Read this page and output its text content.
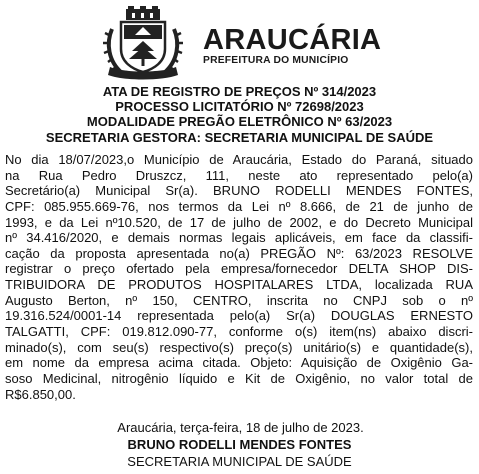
ARAUCÁRIA
PREFEITURA DO MUNICÍPIO
ATA DE REGISTRO DE PREÇOS Nº 314/2023
PROCESSO LICITATÓRIO Nº 72698/2023
MODALIDADE PREGÃO ELETRÔNICO Nº 63/2023
SECRETARIA GESTORA: SECRETARIA MUNICIPAL DE SAÚDE
No dia 18/07/2023,o Município de Araucária, Estado do Paraná, situado
na Rua Pedro Druszcz, 111, neste ato representado pelo(a)
Secretário(a) Municipal Sr(a). BRUNO RODELLI MENDES FONTES,
CPF: 085.955.669-76, nos termos da Lei nº 8.666, de 21 de junho de
1993, e da Lei nº10.520, de 17 de julho de 2002, e do Decreto Municipal
nº 34.416/2020, e demais normas legais aplicáveis, em face da classifi-
cação da proposta apresentada no(a) PREGÃO Nº: 63/2023 RESOLVE
registrar o preço ofertado pela empresa/fornecedor DELTA SHOP DIS-
TRIBUIDORA DE PRODUTOS HOSPITALARES LTDA, localizada RUA
Augusto Berton, nº 150, CENTRO, inscrita no CNPJ sob o nº
19.316.524/0001-14 representada pelo(a) Sr(a) DOUGLAS ERNESTO
TALGATTI, CPF: 019.812.090-77, conforme o(s) item(ns) abaixo discri-
minado(s), com seu(s) respectivo(s) preço(s) unitário(s) e quantidade(s),
em nome da empresa acima citada. Objeto: Aquisição de Oxigênio Ga-
soso Medicinal, nitrogênio líquido e Kit de Oxigênio, no valor total de
R$6.850,00.
Araucária, terça-feira, 18 de julho de 2023.
BRUNO RODELLI MENDES FONTES
SECRETARIA MUNICIPAL DE SAÚDE
